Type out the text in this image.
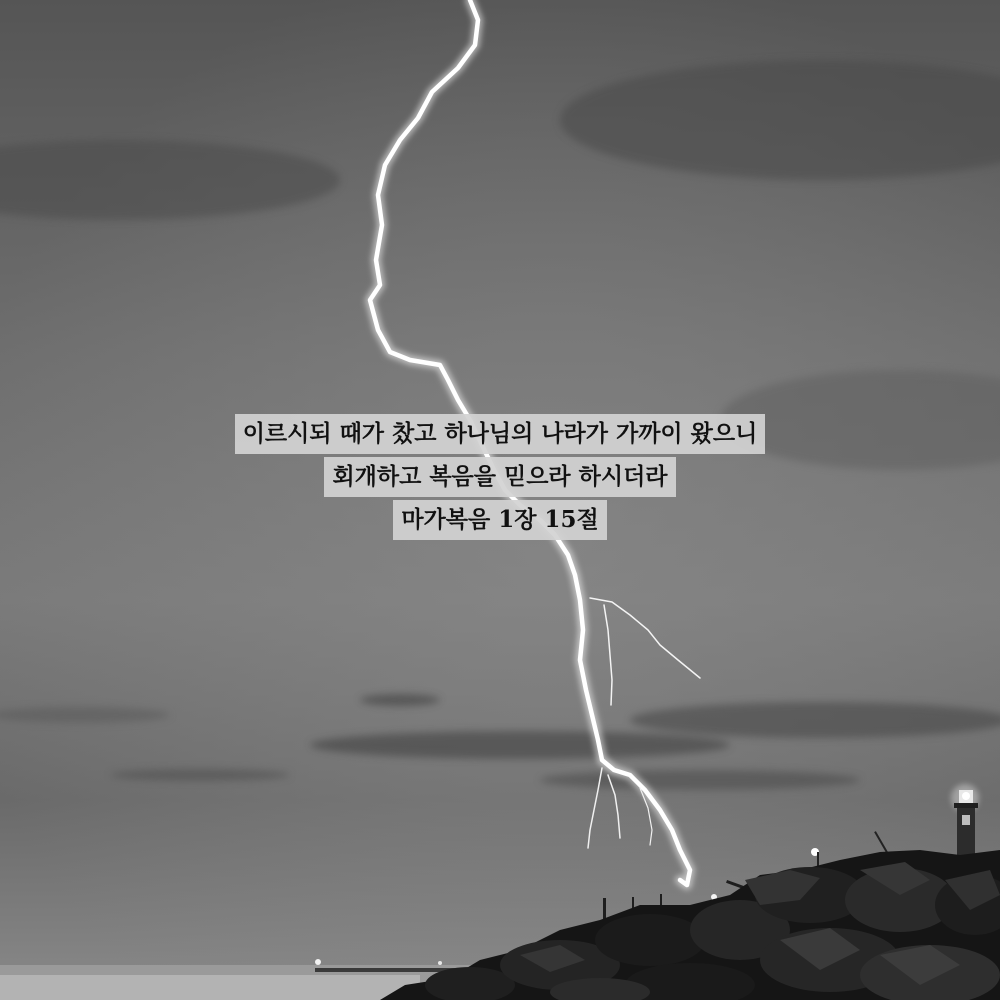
이르시되 때가 찼고 하나님의 나라가 가까이 왔으니
회개하고 복음을 믿으라 하시더라
마가복음 1장 15절
